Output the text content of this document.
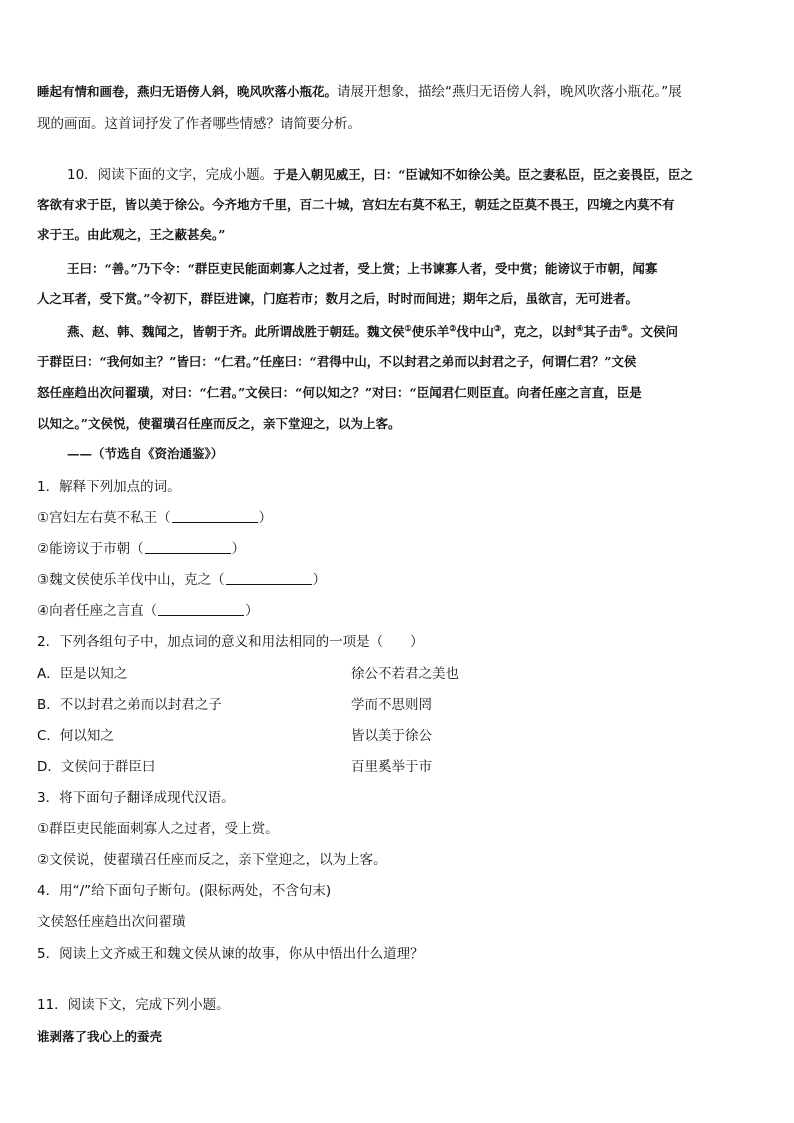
睡起有情和画卷，燕归无语傍人斜，晚风吹落小瓶花。请展开想象，描绘“燕归无语傍人斜，晚风吹落小瓶花。”展
现的画面。这首词抒发了作者哪些情感？请简要分析。
10．阅读下面的文字，完成小题。于是入朝见威王，曰：“臣诚知不如徐公美。臣之妻私臣，臣之妾畏臣，臣之
客欲有求于臣，皆以美于徐公。今齐地方千里，百二十城，宫妇左右莫不私王，朝廷之臣莫不畏王，四境之内莫不有
求于王。由此观之，王之蔽甚矣。”
王曰：“善。”乃下令：“群臣吏民能面刺寡人之过者，受上赏；上书谏寡人者，受中赏；能谤议于市朝，闻寡
人之耳者，受下赏。”令初下，群臣进谏，门庭若市；数月之后，时时而间进；期年之后，虽欲言，无可进者。
燕、赵、韩、魏闻之，皆朝于齐。此所谓战胜于朝廷。魏文侯①使乐羊②伐中山③，克之，以封④其子击⑤。文侯问
于群臣曰：“我何如主？”皆曰：“仁君。”任座曰：“君得中山，不以封君之弟而以封君之子，何谓仁君？”文侯
怒任座趋出次问翟璜，对曰：“仁君。”文侯曰：“何以知之？”对曰：“臣闻君仁则臣直。向者任座之言直，臣是
以知之。”文侯悦，使翟璜召任座而反之，亲下堂迎之，以为上客。
——（节选自《资治通鉴》）
1．解释下列加点的词。
①宫妇左右莫不私王（	）
②能谤议于市朝（	）
③魏文侯使乐羊伐中山，克之（	）
④向者任座之言直（	）
2．下列各组句子中，加点词的意义和用法相同的一项是（　　）
A．臣是以知之	徐公不若君之美也
B．不以封君之弟而以封君之子	学而不思则罔
C．何以知之	皆以美于徐公
D．文侯问于群臣曰	百里奚举于市
3．将下面句子翻译成现代汉语。
①群臣吏民能面刺寡人之过者，受上赏。
②文侯说，使翟璜召任座而反之，亲下堂迎之，以为上客。
4．用“/”给下面句子断句。(限标两处，不含句末)
文侯怒任座趋出次问翟璜
5．阅读上文齐威王和魏文侯从谏的故事，你从中悟出什么道理？
11．阅读下文，完成下列小题。
谁剥落了我心上的蚕壳
